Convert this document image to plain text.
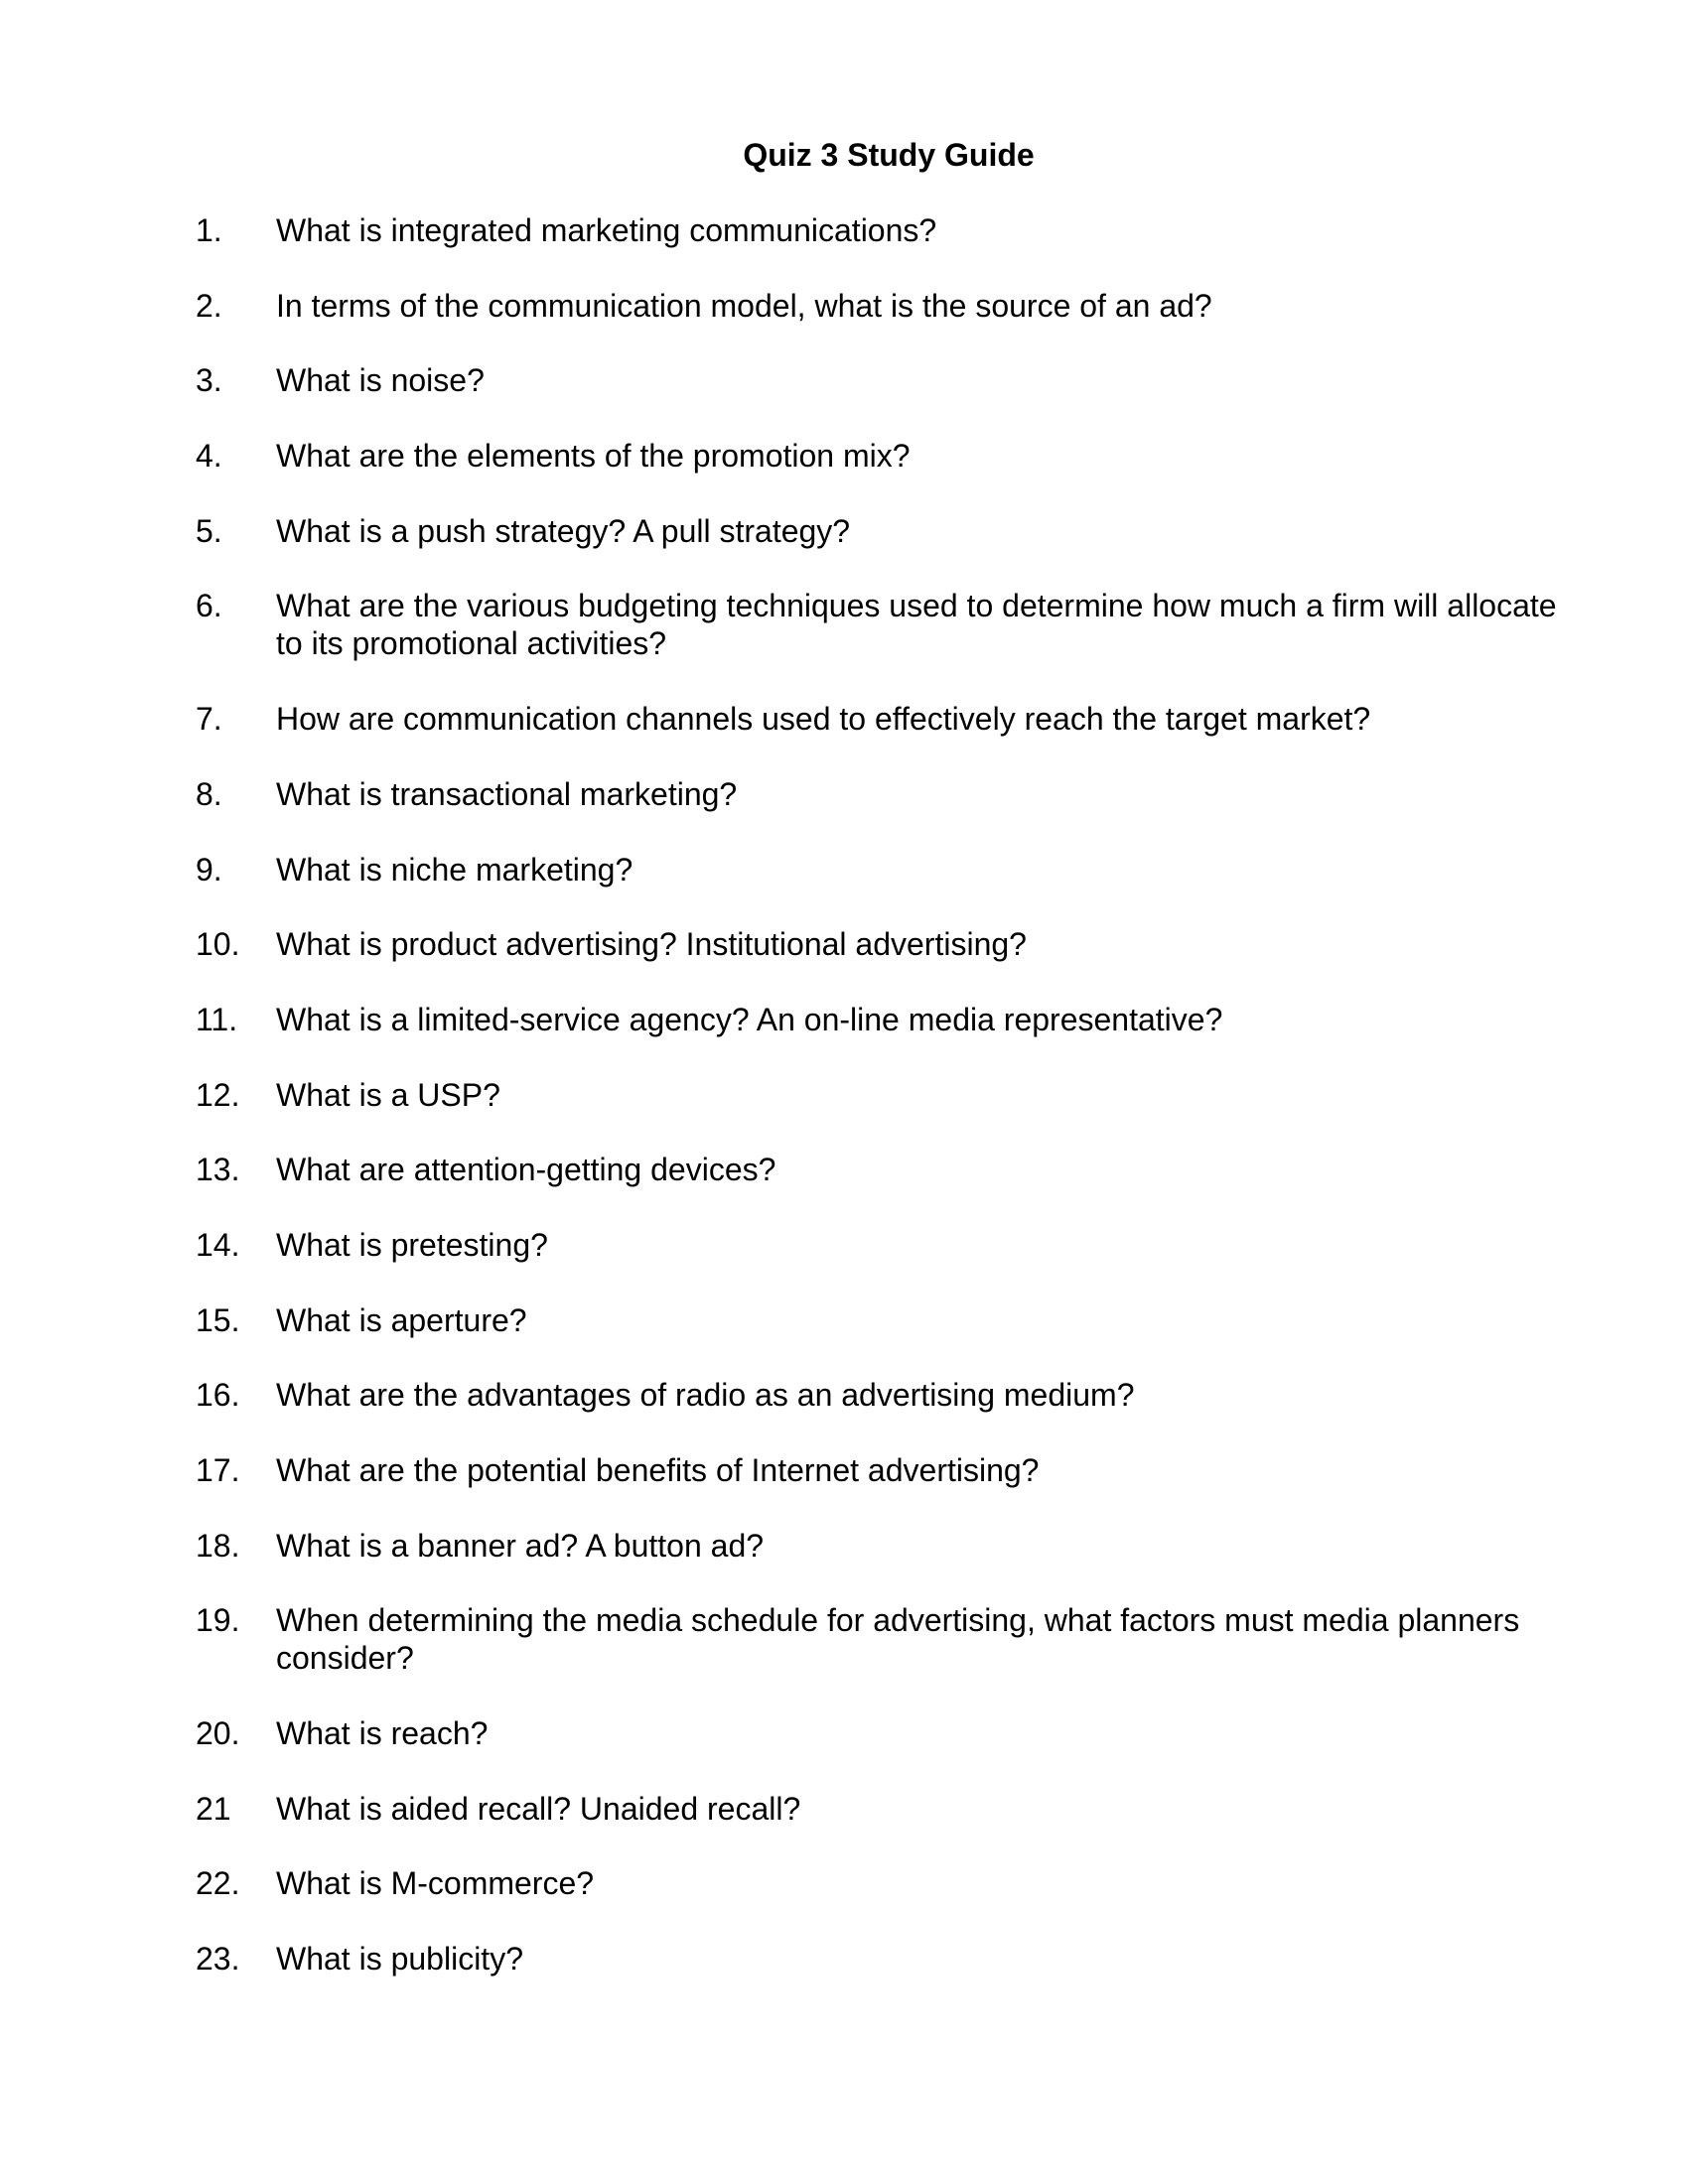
Quiz 3 Study Guide
1.	What is integrated marketing communications?
2.	In terms of the communication model, what is the source of an ad?
3.	What is noise?
4.	What are the elements of the promotion mix?
5.	What is a push strategy? A pull strategy?
6.	What are the various budgeting techniques used to determine how much a firm will allocate to its promotional activities?
7.	How are communication channels used to effectively reach the target market?
8.	What is transactional marketing?
9.	What is niche marketing?
10.	What is product advertising? Institutional advertising?
11.	What is a limited-service agency? An on-line media representative?
12.	What is a USP?
13.	What are attention-getting devices?
14.	What is pretesting?
15.	What is aperture?
16.	What are the advantages of radio as an advertising medium?
17.	What are the potential benefits of Internet advertising?
18.	What is a banner ad? A button ad?
19.	When determining the media schedule for advertising, what factors must media planners consider?
20.	What is reach?
21	What is aided recall? Unaided recall?
22.	What is M-commerce?
23.	What is publicity?
